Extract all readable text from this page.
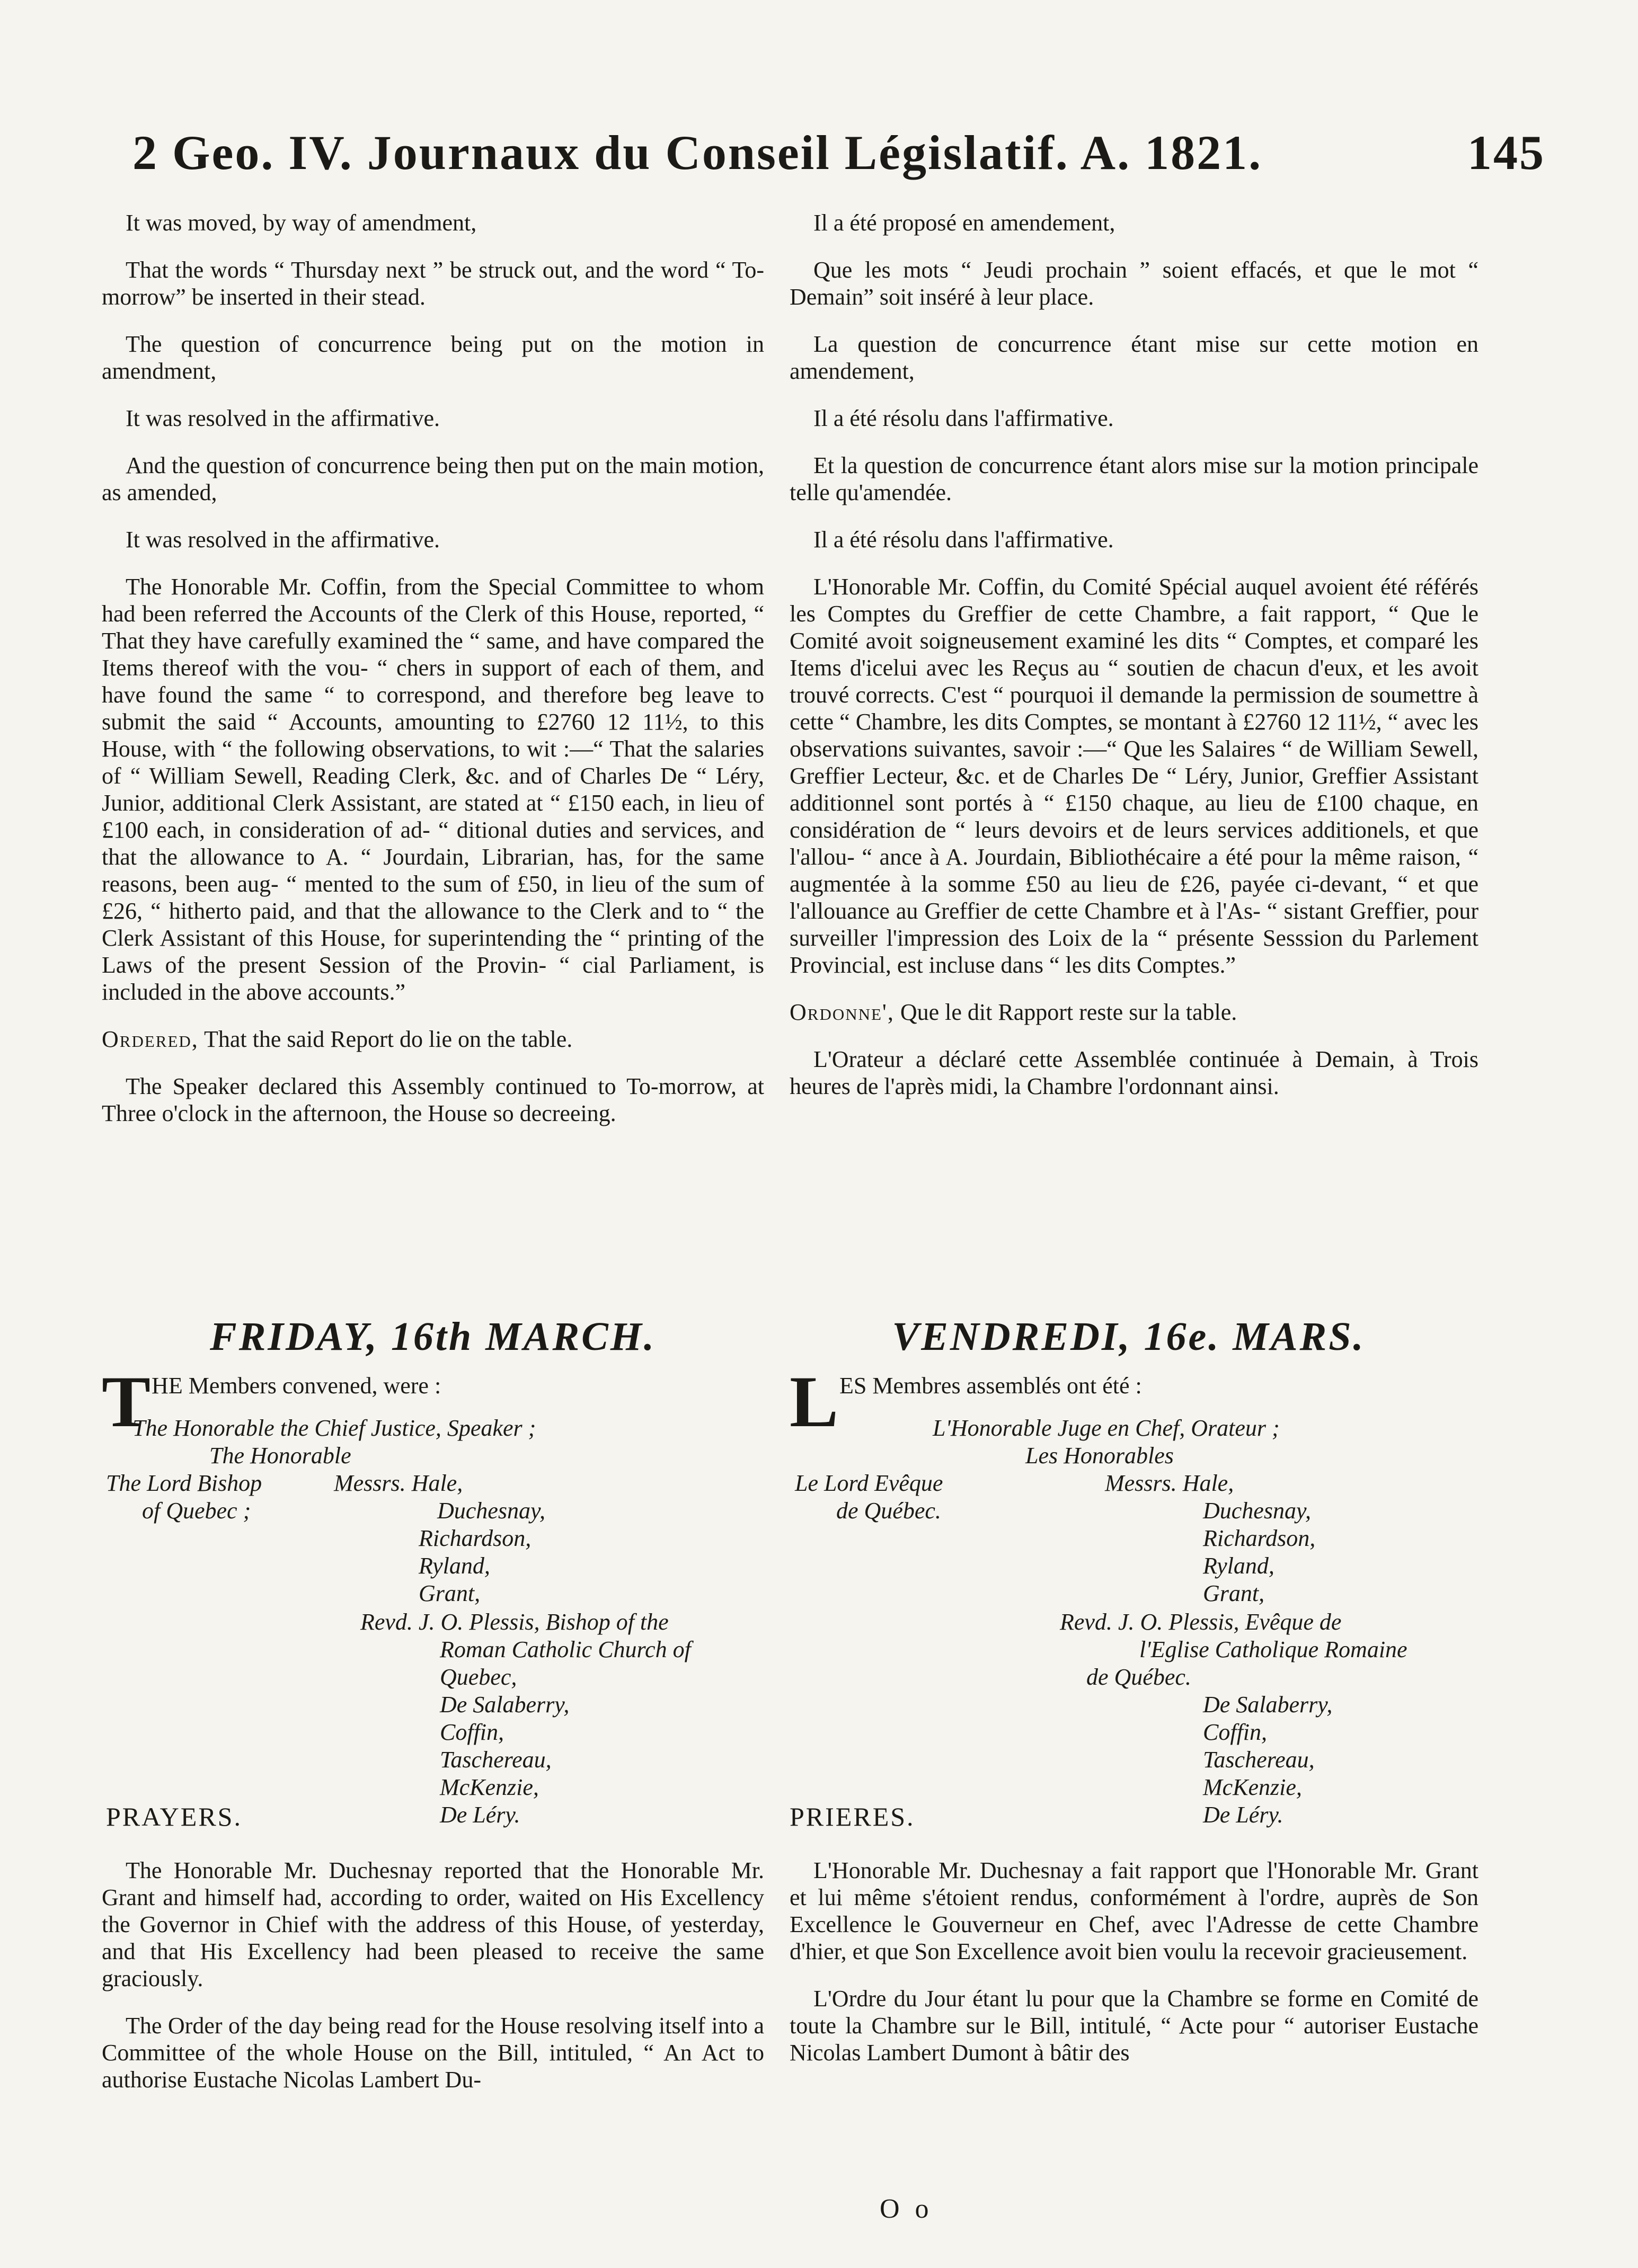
2 Geo. IV. Journaux du Conseil Législatif. A. 1821.	145

It was moved, by way of amendment,

That the words “ Thursday next ” be struck out, and the word “ To-morrow” be inserted in their stead.

The question of concurrence being put on the motion in amendment,

It was resolved in the affirmative.

And the question of concurrence being then put on the main motion, as amended,

It was resolved in the affirmative.

The Honorable Mr. Coffin, from the Special Committee to whom had been referred the Accounts of the Clerk of this House, reported, “ That they have carefully examined the “ same, and have compared the Items thereof with the vou- “ chers in support of each of them, and have found the same “ to correspond, and therefore beg leave to submit the said “ Accounts, amounting to £2760 12 11½, to this House, with “ the following observations, to wit :—“ That the salaries of “ William Sewell, Reading Clerk, &c. and of Charles De “ Léry, Junior, additional Clerk Assistant, are stated at “ £150 each, in lieu of £100 each, in consideration of ad- “ ditional duties and services, and that the allowance to A. “ Jourdain, Librarian, has, for the same reasons, been aug- “ mented to the sum of £50, in lieu of the sum of £26, “ hitherto paid, and that the allowance to the Clerk and to “ the Clerk Assistant of this House, for superintending the “ printing of the Laws of the present Session of the Provin- “ cial Parliament, is included in the above accounts.”

Ordered, That the said Report do lie on the table.

The Speaker declared this Assembly continued to To-morrow, at Three o'clock in the afternoon, the House so decreeing.

Il a été proposé en amendement,

Que les mots “ Jeudi prochain ” soient effacés, et que le mot “ Demain” soit inséré à leur place.

La question de concurrence étant mise sur cette motion en amendement,

Il a été résolu dans l'affirmative.

Et la question de concurrence étant alors mise sur la motion principale telle qu'amendée.

Il a été résolu dans l'affirmative.

L'Honorable Mr. Coffin, du Comité Spécial auquel avoient été référés les Comptes du Greffier de cette Chambre, a fait rapport, “ Que le Comité avoit soigneusement examiné les dits “ Comptes, et comparé les Items d'icelui avec les Reçus au “ soutien de chacun d'eux, et les avoit trouvé corrects. C'est “ pourquoi il demande la permission de soumettre à cette “ Chambre, les dits Comptes, se montant à £2760 12 11½, “ avec les observations suivantes, savoir :—“ Que les Salaires “ de William Sewell, Greffier Lecteur, &c. et de Charles De “ Léry, Junior, Greffier Assistant additionnel sont portés à “ £150 chaque, au lieu de £100 chaque, en considération de “ leurs devoirs et de leurs services additionels, et que l'allou- “ ance à A. Jourdain, Bibliothécaire a été pour la même raison, “ augmentée à la somme £50 au lieu de £26, payée ci-devant, “ et que l'allouance au Greffier de cette Chambre et à l'As- “ sistant Greffier, pour surveiller l'impression des Loix de la “ présente Sesssion du Parlement Provincial, est incluse dans “ les dits Comptes.”

Ordonne', Que le dit Rapport reste sur la table.

L'Orateur a déclaré cette Assemblée continuée à Demain, à Trois heures de l'après midi, la Chambre l'ordonnant ainsi.

FRIDAY, 16th MARCH.	VENDREDI, 16e. MARS.
THE Members convened, were :
The Honorable the Chief Justice, Speaker ;
The Honorable
The Lord Bishop
of Quebec ;
Messrs. Hale,
Duchesnay,
Richardson,
Ryland,
Grant,
Revd. J. O. Plessis, Bishop of the
Roman Catholic Church of
Quebec,
De Salaberry,
Coffin,
Taschereau,
McKenzie,
De Léry.
PRAYERS.
LES Membres assemblés ont été :
L'Honorable Juge en Chef, Orateur ;
Les Honorables
Le Lord Evêque
de Québec.
Messrs. Hale,
Duchesnay,
Richardson,
Ryland,
Grant,
Revd. J. O. Plessis, Evêque de
l'Eglise Catholique Romaine
de Québec.
De Salaberry,
Coffin,
Taschereau,
McKenzie,
De Léry.
PRIERES.

The Honorable Mr. Duchesnay reported that the Honorable Mr. Grant and himself had, according to order, waited on His Excellency the Governor in Chief with the address of this House, of yesterday, and that His Excellency had been pleased to receive the same graciously.

The Order of the day being read for the House resolving itself into a Committee of the whole House on the Bill, intituled, “ An Act to authorise Eustache Nicolas Lambert Du-

L'Honorable Mr. Duchesnay a fait rapport que l'Honorable Mr. Grant et lui même s'étoient rendus, conformément à l'ordre, auprès de Son Excellence le Gouverneur en Chef, avec l'Adresse de cette Chambre d'hier, et que Son Excellence avoit bien voulu la recevoir gracieusement.

L'Ordre du Jour étant lu pour que la Chambre se forme en Comité de toute la Chambre sur le Bill, intitulé, “ Acte pour “ autoriser Eustache Nicolas Lambert Dumont à bâtir des

O o
